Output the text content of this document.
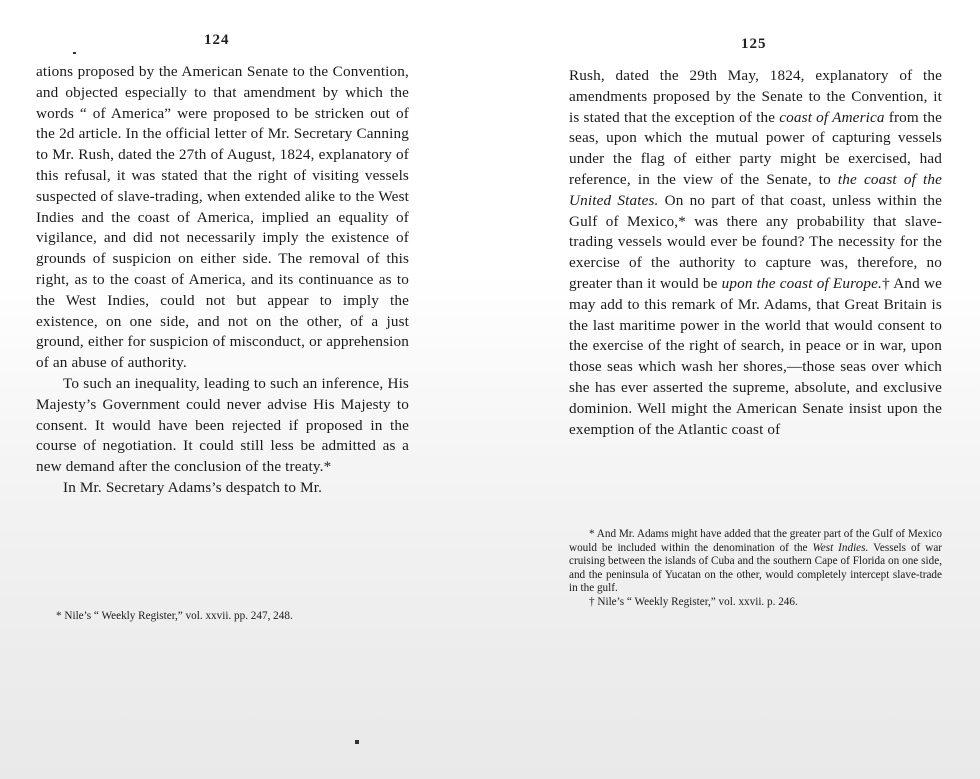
124

ations proposed by the American Senate to the Convention, and objected especially to that amendment by which the words “ of America” were proposed to be stricken out of the 2d article. In the official letter of Mr. Secretary Canning to Mr. Rush, dated the 27th of August, 1824, explanatory of this refusal, it was stated that the right of visiting vessels suspected of slave-trading, when extended alike to the West Indies and the coast of America, implied an equality of vigilance, and did not necessarily imply the existence of grounds of suspicion on either side. The removal of this right, as to the coast of America, and its continuance as to the West Indies, could not but appear to imply the existence, on one side, and not on the other, of a just ground, either for suspicion of misconduct, or apprehension of an abuse of authority.

To such an inequality, leading to such an inference, His Majesty’s Government could never advise His Majesty to consent. It would have been rejected if proposed in the course of negotiation. It could still less be admitted as a new demand after the conclusion of the treaty.*

In Mr. Secretary Adams’s despatch to Mr.

* Nile’s “ Weekly Register,” vol. xxvii. pp. 247, 248.

125

Rush, dated the 29th May, 1824, explanatory of the amendments proposed by the Senate to the Convention, it is stated that the exception of the coast of America from the seas, upon which the mutual power of capturing vessels under the flag of either party might be exercised, had reference, in the view of the Senate, to the coast of the United States. On no part of that coast, unless within the Gulf of Mexico,* was there any probability that slave-trading vessels would ever be found? The necessity for the exercise of the authority to capture was, therefore, no greater than it would be upon the coast of Europe.† And we may add to this remark of Mr. Adams, that Great Britain is the last maritime power in the world that would consent to the exercise of the right of search, in peace or in war, upon those seas which wash her shores,—those seas over which she has ever asserted the supreme, absolute, and exclusive dominion. Well might the American Senate insist upon the exemption of the Atlantic coast of

* And Mr. Adams might have added that the greater part of the Gulf of Mexico would be included within the denomination of the West Indies. Vessels of war cruising between the islands of Cuba and the southern Cape of Florida on one side, and the peninsula of Yucatan on the other, would completely intercept slave-trade in the gulf.

† Nile’s “ Weekly Register,” vol. xxvii. p. 246.
